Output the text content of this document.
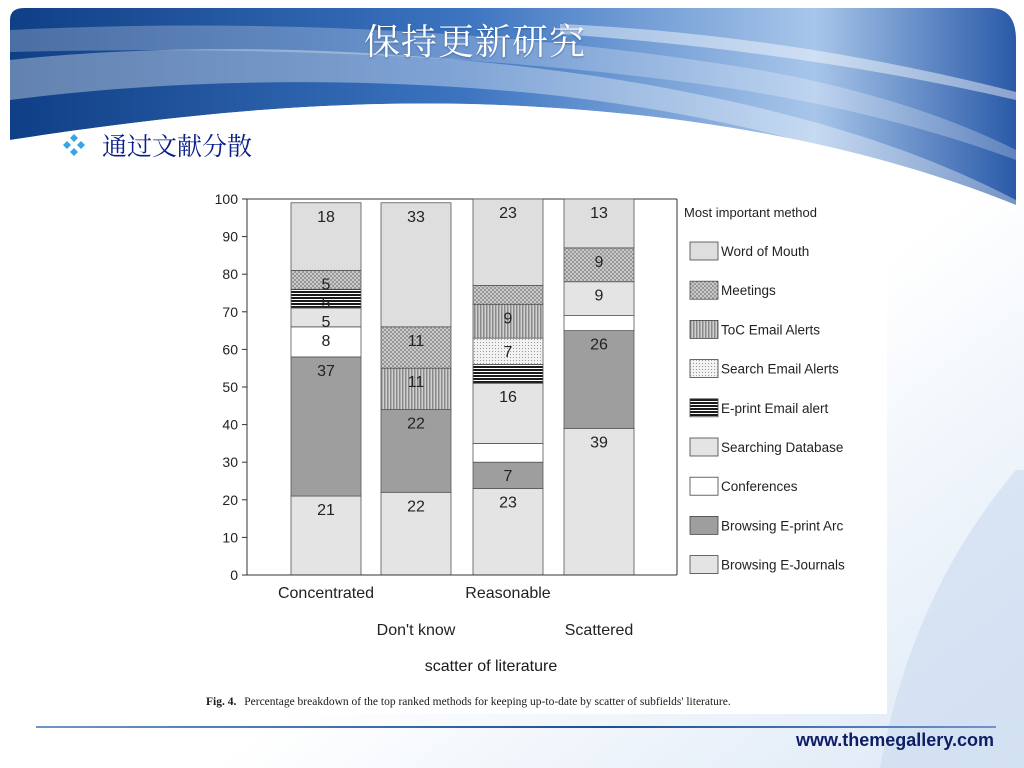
保持更新研究
通过文献分散
0
10
20
30
40
50
60
70
80
90
100
21
37
8
5
5
5
18
22
22
11
11
33
23
7
16
7
9
23
39
26
9
9
13
Concentrated
Don't know
Reasonable
Scattered
Most important method
Word of Mouth
Meetings
ToC Email Alerts
Search Email Alerts
E-print Email alert
Searching Database
Conferences
Browsing E-print Arc
Browsing E-Journals
scatter of literature
Fig. 4. Percentage breakdown of the top ranked methods for keeping up-to-date by scatter of subfields' literature.
www.themegallery.com
